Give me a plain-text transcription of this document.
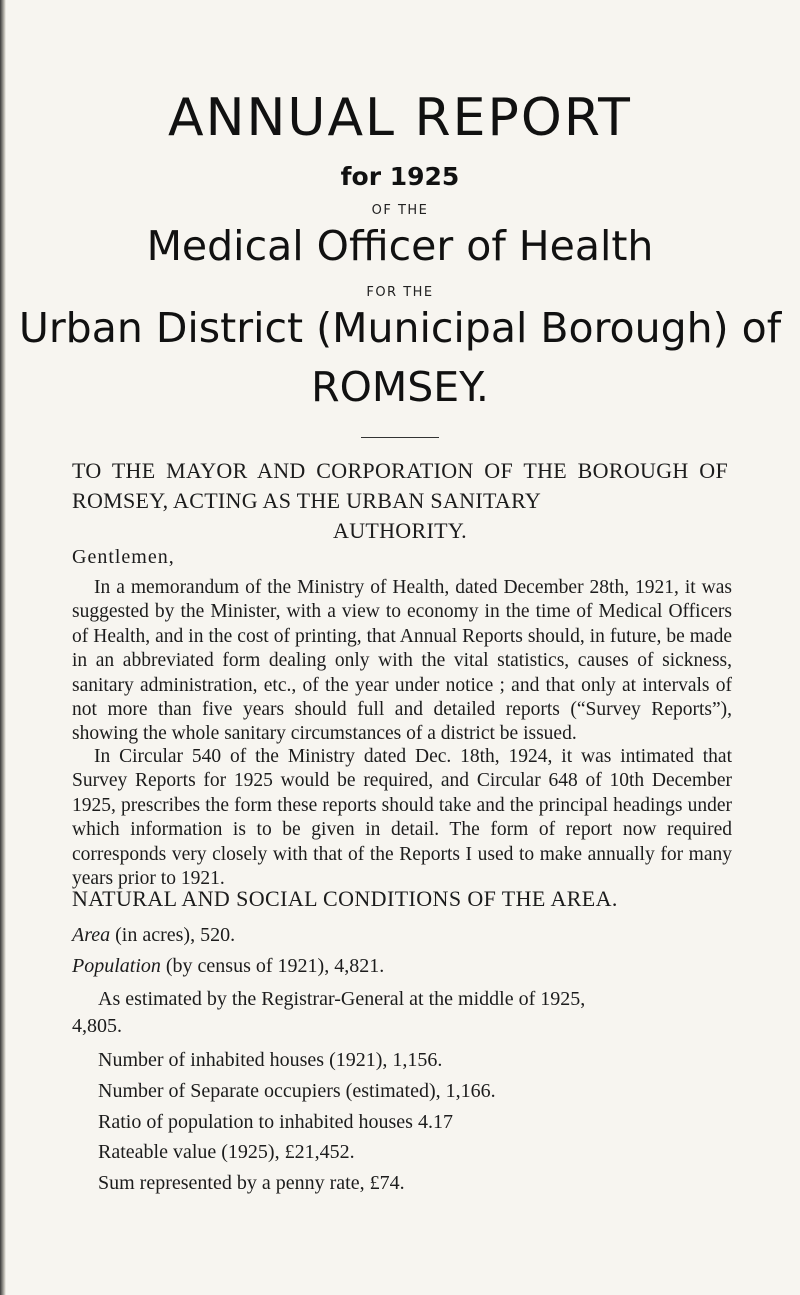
ANNUAL REPORT
for 1925
OF THE
Medical Officer of Health
FOR THE
Urban District (Municipal Borough) of
ROMSEY.
TO THE MAYOR AND CORPORATION OF THE BOROUGH OF ROMSEY, ACTING AS THE URBAN SANITARY
AUTHORITY.
Gentlemen,
In a memorandum of the Ministry of Health, dated December 28th, 1921, it was suggested by the Minister, with a view to economy in the time of Medical Officers of Health, and in the cost of printing, that Annual Reports should, in future, be made in an abbreviated form dealing only with the vital statistics, causes of sickness, sanitary administration, etc., of the year under notice ; and that only at intervals of not more than five years should full and detailed reports (“Survey Reports”), showing the whole sanitary circumstances of a district be issued.
In Circular 540 of the Ministry dated Dec. 18th, 1924, it was intimated that Survey Reports for 1925 would be required, and Circular 648 of 10th December 1925, prescribes the form these reports should take and the principal headings under which information is to be given in detail. The form of report now required corresponds very closely with that of the Reports I used to make annually for many years prior to 1921.
NATURAL AND SOCIAL CONDITIONS OF THE AREA.
Area (in acres), 520.
Population (by census of 1921), 4,821.
As estimated by the Registrar-General at the middle of 1925,
4,805.
Number of inhabited houses (1921), 1,156.
Number of Separate occupiers (estimated), 1,166.
Ratio of population to inhabited houses 4.17
Rateable value (1925), £21,452.
Sum represented by a penny rate, £74.
